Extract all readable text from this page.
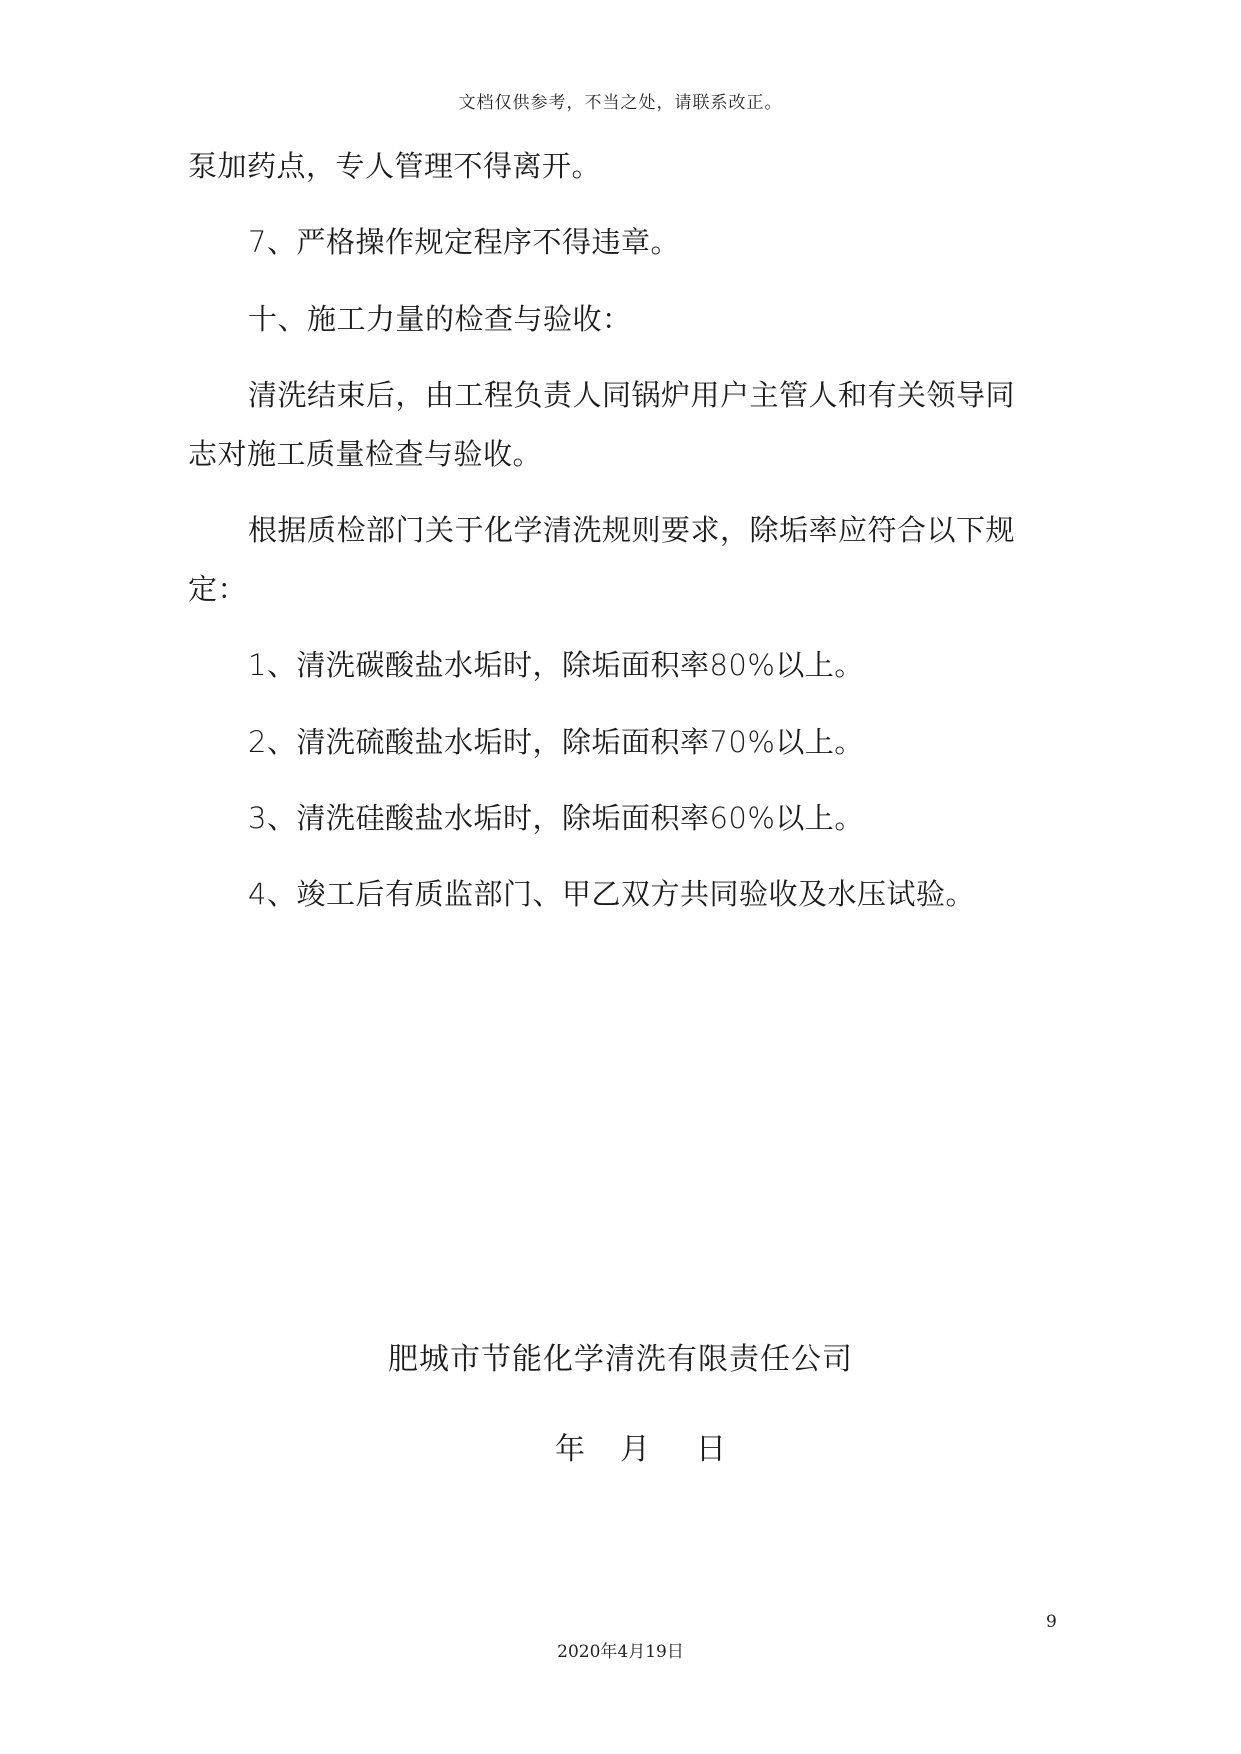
文档仅供参考，不当之处，请联系改正。
泵加药点，专人管理不得离开。
7、严格操作规定程序不得违章。
十、施工力量的检查与验收：
清洗结束后，由工程负责人同锅炉用户主管人和有关领导同
志对施工质量检查与验收。
根据质检部门关于化学清洗规则要求，除垢率应符合以下规
定：
1、清洗碳酸盐水垢时，除垢面积率80%以上。
2、清洗硫酸盐水垢时，除垢面积率70%以上。
3、清洗硅酸盐水垢时，除垢面积率60%以上。
4、竣工后有质监部门、甲乙双方共同验收及水压试验。
肥城市节能化学清洗有限责任公司
年 月 日
9
2020年4月19日
